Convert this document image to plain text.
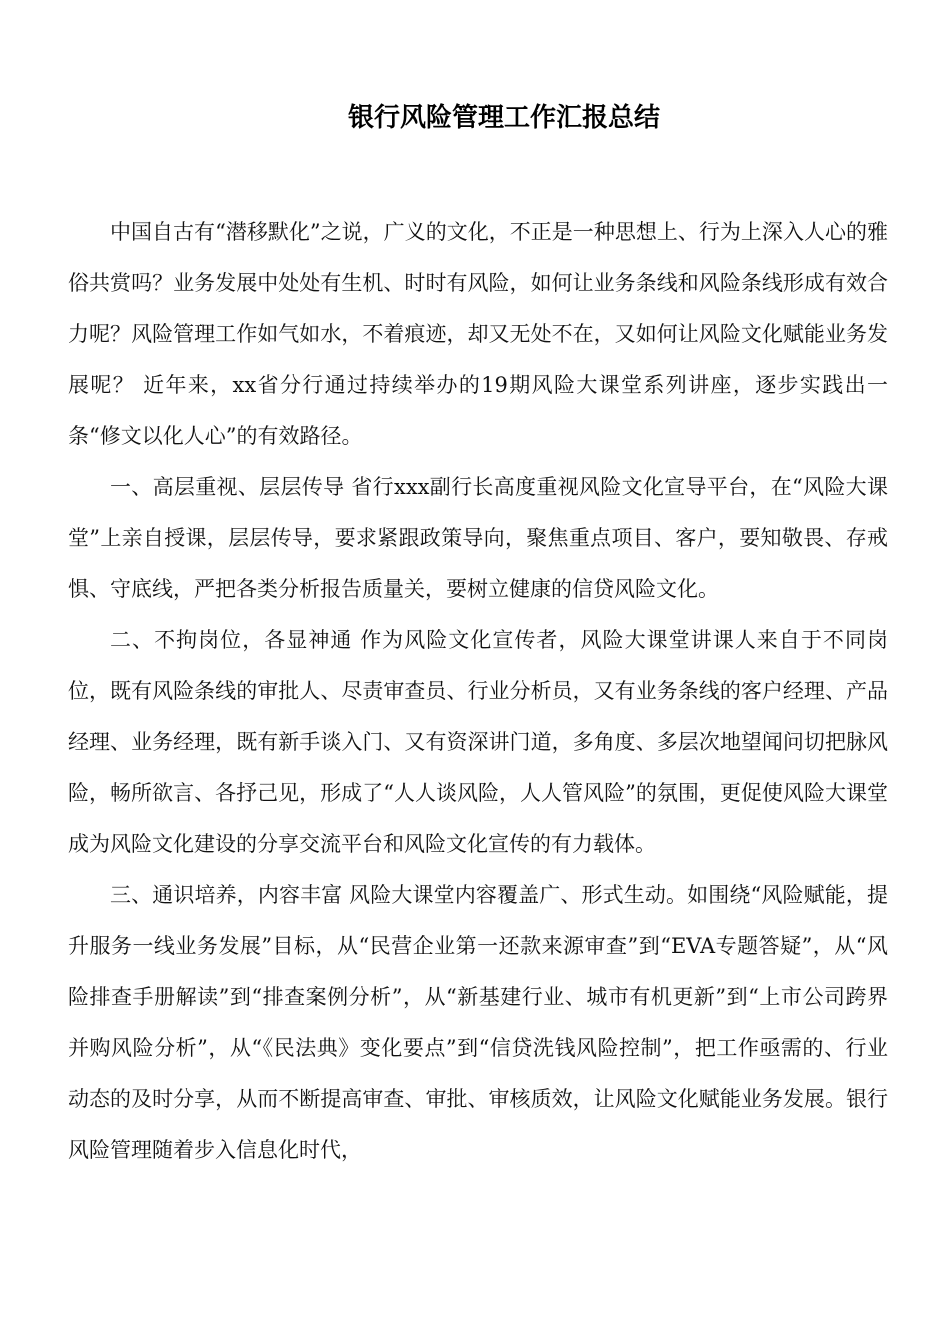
银行风险管理工作汇报总结

中国自古有“潜移默化”之说，广义的文化，不正是一种思想上、行为上深入人心的雅俗共赏吗？业务发展中处处有生机、时时有风险，如何让业务条线和风险条线形成有效合力呢？风险管理工作如气如水，不着痕迹，却又无处不在，又如何让风险文化赋能业务发展呢？ 近年来，xx省分行通过持续举办的19期风险大课堂系列讲座，逐步实践出一条“修文以化人心”的有效路径。

一、高层重视、层层传导 省行xxx副行长高度重视风险文化宣导平台，在“风险大课堂”上亲自授课，层层传导，要求紧跟政策导向，聚焦重点项目、客户，要知敬畏、存戒惧、守底线，严把各类分析报告质量关，要树立健康的信贷风险文化。

二、不拘岗位，各显神通 作为风险文化宣传者，风险大课堂讲课人来自于不同岗位，既有风险条线的审批人、尽责审查员、行业分析员，又有业务条线的客户经理、产品经理、业务经理，既有新手谈入门、又有资深讲门道，多角度、多层次地望闻问切把脉风险，畅所欲言、各抒己见，形成了“人人谈风险，人人管风险”的氛围，更促使风险大课堂成为风险文化建设的分享交流平台和风险文化宣传的有力载体。

三、通识培养，内容丰富 风险大课堂内容覆盖广、形式生动。如围绕“风险赋能，提升服务一线业务发展”目标，从“民营企业第一还款来源审查”到“EVA专题答疑”，从“风险排查手册解读”到“排查案例分析”，从“新基建行业、城市有机更新”到“上市公司跨界并购风险分析”，从“《民法典》变化要点”到“信贷洗钱风险控制”，把工作亟需的、行业动态的及时分享，从而不断提高审查、审批、审核质效，让风险文化赋能业务发展。银行风险管理随着步入信息化时代，
